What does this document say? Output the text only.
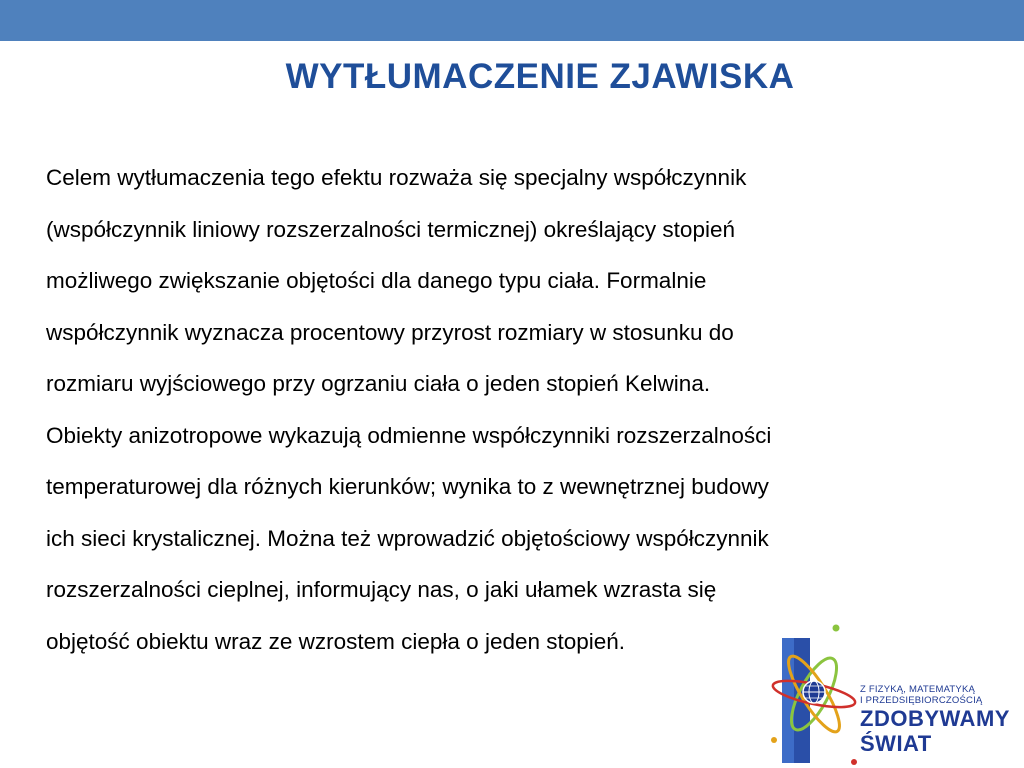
WYTŁUMACZENIE ZJAWISKA

Celem wytłumaczenia tego efektu rozważa się specjalny współczynnik
(współczynnik liniowy rozszerzalności termicznej) określający stopień
możliwego zwiększanie objętości dla danego typu ciała. Formalnie
współczynnik wyznacza procentowy przyrost rozmiary w stosunku do
rozmiaru wyjściowego przy ogrzaniu ciała o jeden stopień Kelwina.
Obiekty anizotropowe wykazują odmienne współczynniki rozszerzalności
temperaturowej dla różnych kierunków; wynika to z wewnętrznej budowy
ich sieci krystalicznej. Można też wprowadzić objętościowy współczynnik
rozszerzalności cieplnej, informujący nas, o jaki ułamek wzrasta się
objętość obiektu wraz ze wzrostem ciepła o jeden stopień.

Z FIZYKĄ, MATEMATYKĄ
I PRZEDSIĘBIORCZOŚCIĄ
ZDOBYWAMY
ŚWIAT
